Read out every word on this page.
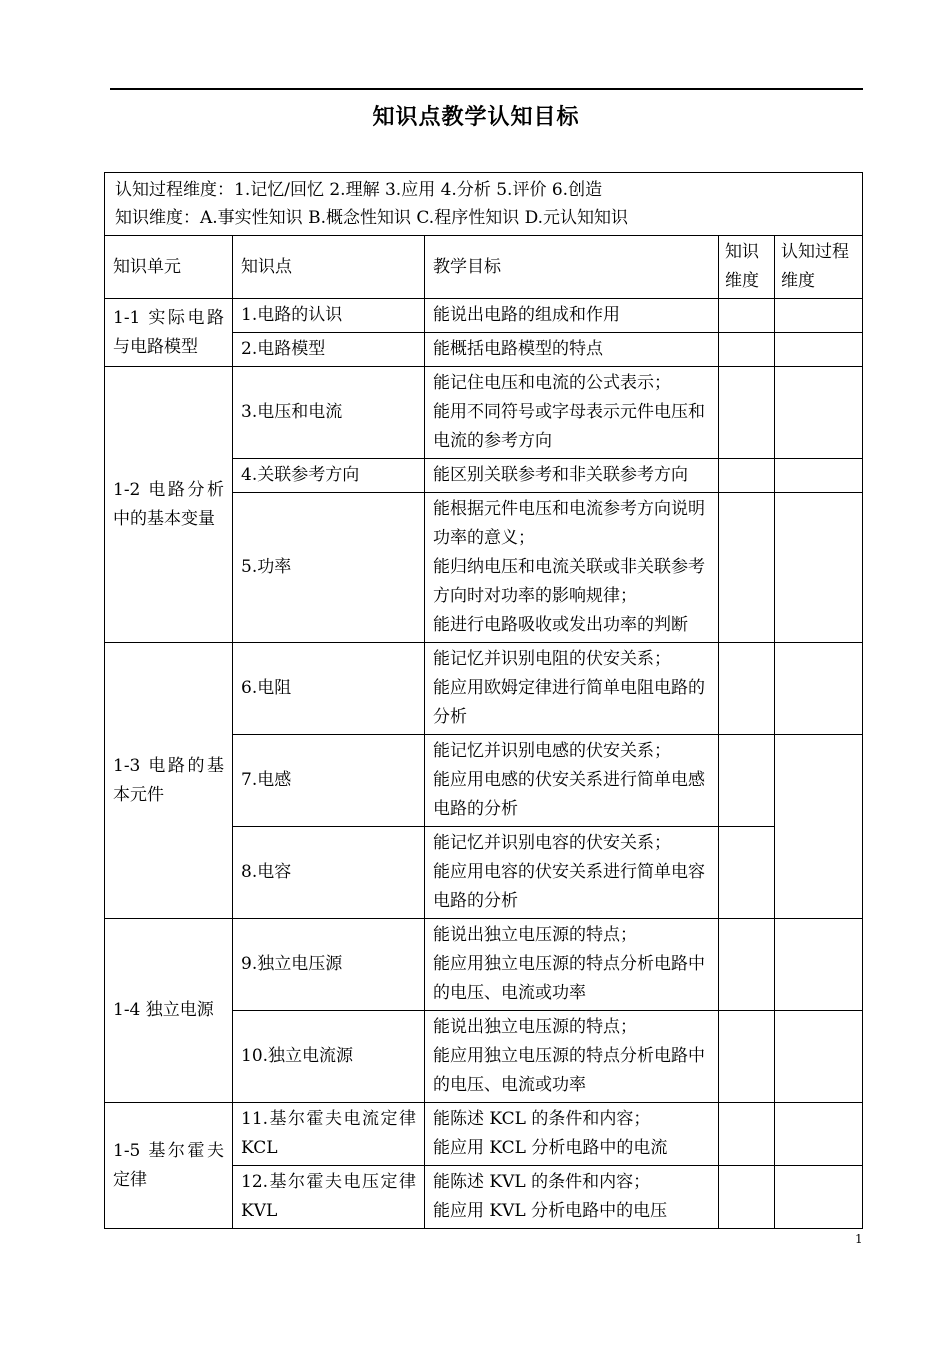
知识点教学认知目标
认知过程维度：1.记忆/回忆 2.理解 3.应用 4.分析 5.评价 6.创造
知识维度：A.事实性知识 B.概念性知识 C.程序性知识 D.元认知知识				

知识单元	知识点	教学目标	知识维度	认知过程维度
1-1 实际电路与电路模型	1.电路的认识	能说出电路的组成和作用		

	2.电路模型	能概括电路模型的特点		

1-2 电路分析中的基本变量	3.电压和电流	能记住电压和电流的公式表示；
能用不同符号或字母表示元件电压和电流的参考方向		

	4.关联参考方向	能区别关联参考和非关联参考方向		

	5.功率	能根据元件电压和电流参考方向说明功率的意义；
能归纳电压和电流关联或非关联参考方向时对功率的影响规律；
能进行电路吸收或发出功率的判断		

1-3 电路的基本元件	6.电阻	能记忆并识别电阻的伏安关系；
能应用欧姆定律进行简单电阻电路的分析		

	7.电感	能记忆并识别电感的伏安关系；
能应用电感的伏安关系进行简单电感电路的分析		

	8.电容	能记忆并识别电容的伏安关系；
能应用电容的伏安关系进行简单电容电路的分析		

1-4 独立电源	9.独立电压源	能说出独立电压源的特点；
能应用独立电压源的特点分析电路中的电压、电流或功率		

	10.独立电流源	能说出独立电压源的特点；
能应用独立电压源的特点分析电路中的电压、电流或功率		

1-5 基尔霍夫定律	11.基尔霍夫电流定律 KCL	能陈述 KCL 的条件和内容；
能应用 KCL 分析电路中的电流		

	12.基尔霍夫电压定律 KVL	能陈述 KVL 的条件和内容；
能应用 KVL 分析电路中的电压		

1
